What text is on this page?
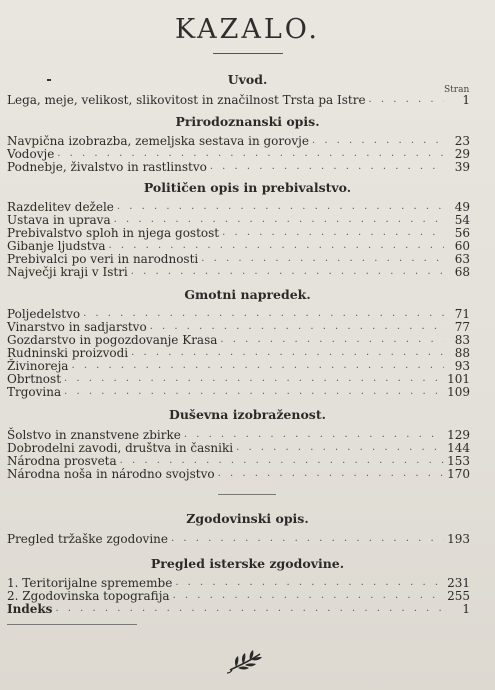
KAZALO.
Stran
Uvod.
Lega, meje, velikost, slikovitost in značilnost Trsta pa Istre . . .	1
Prirodoznanski opis.
Navpična izobrazba, zemeljska sestava in gorovje . . .	23
Vodovje . . .	29
Podnebje, živalstvo in rastlinstvo . . .	39
Političen opis in prebivalstvo.
Razdelitev dežele . . .	49
Ustava in uprava . . .	54
Prebivalstvo sploh in njega gostost . . .	56
Gibanje ljudstva . . .	60
Prebivalci po veri in narodnosti . . .	63
Največji kraji v Istri . . .	68
Gmotni napredek.
Poljedelstvo . . .	71
Vinarstvo in sadjarstvo . . .	77
Gozdarstvo in pogozdovanje Krasa . . .	83
Rudninski proizvodi . . .	88
Živinoreja . . .	93
Obrtnost . . .	101
Trgovina . . .	109
Duševna izobraženost.
Šolstvo in znanstvene zbirke . . .	129
Dobrodelni zavodi, društva in časniki . . .	144
Národna prosveta . . .	153
Národna noša in národno svojstvo . . .	170
Zgodovinski opis.
Pregled tržaške zgodovine . . .	193
Pregled isterske zgodovine.
1. Teritorijalne spremembe . . .	231
2. Zgodovinska topografija . . .	255
Indeks . . .	1
